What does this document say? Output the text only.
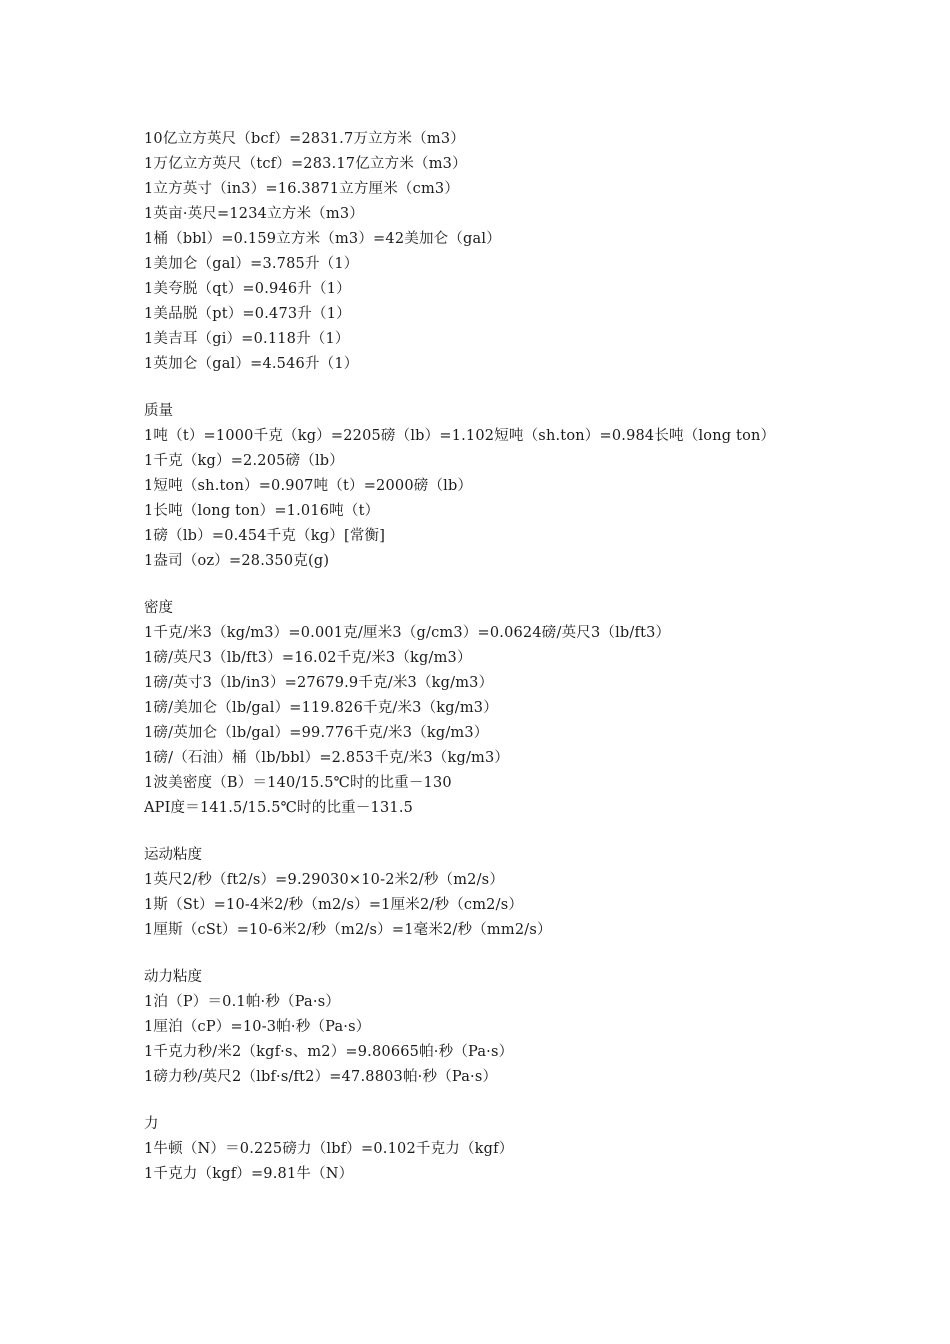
10亿立方英尺（bcf）=2831.7万立方米（m3）
1万亿立方英尺（tcf）=283.17亿立方米（m3）
1立方英寸（in3）=16.3871立方厘米（cm3）
1英亩·英尺=1234立方米（m3）
1桶（bbl）=0.159立方米（m3）=42美加仑（gal）
1美加仑（gal）=3.785升（1）
1美夸脱（qt）=0.946升（1）
1美品脱（pt）=0.473升（1）
1美吉耳（gi）=0.118升（1）
1英加仑（gal）=4.546升（1）
质量
1吨（t）=1000千克（kg）=2205磅（lb）=1.102短吨（sh.ton）=0.984长吨（long ton）
1千克（kg）=2.205磅（lb）
1短吨（sh.ton）=0.907吨（t）=2000磅（lb）
1长吨（long ton）=1.016吨（t）
1磅（lb）=0.454千克（kg）[常衡]
1盎司（oz）=28.350克(g)
密度
1千克/米3（kg/m3）=0.001克/厘米3（g/cm3）=0.0624磅/英尺3（lb/ft3）
1磅/英尺3（lb/ft3）=16.02千克/米3（kg/m3）
1磅/英寸3（lb/in3）=27679.9千克/米3（kg/m3）
1磅/美加仑（lb/gal）=119.826千克/米3（kg/m3）
1磅/英加仑（lb/gal）=99.776千克/米3（kg/m3）
1磅/（石油）桶（lb/bbl）=2.853千克/米3（kg/m3）
1波美密度（B）＝140/15.5℃时的比重－130
API度＝141.5/15.5℃时的比重－131.5
运动粘度
1英尺2/秒（ft2/s）=9.29030×10-2米2/秒（m2/s）
1斯（St）=10-4米2/秒（m2/s）=1厘米2/秒（cm2/s）
1厘斯（cSt）=10-6米2/秒（m2/s）=1毫米2/秒（mm2/s）
动力粘度
1泊（P）＝0.1帕·秒（Pa·s）
1厘泊（cP）=10-3帕·秒（Pa·s）
1千克力秒/米2（kgf·s、m2）=9.80665帕·秒（Pa·s）
1磅力秒/英尺2（lbf·s/ft2）=47.8803帕·秒（Pa·s）
力
1牛顿（N）＝0.225磅力（lbf）=0.102千克力（kgf）
1千克力（kgf）=9.81牛（N）
